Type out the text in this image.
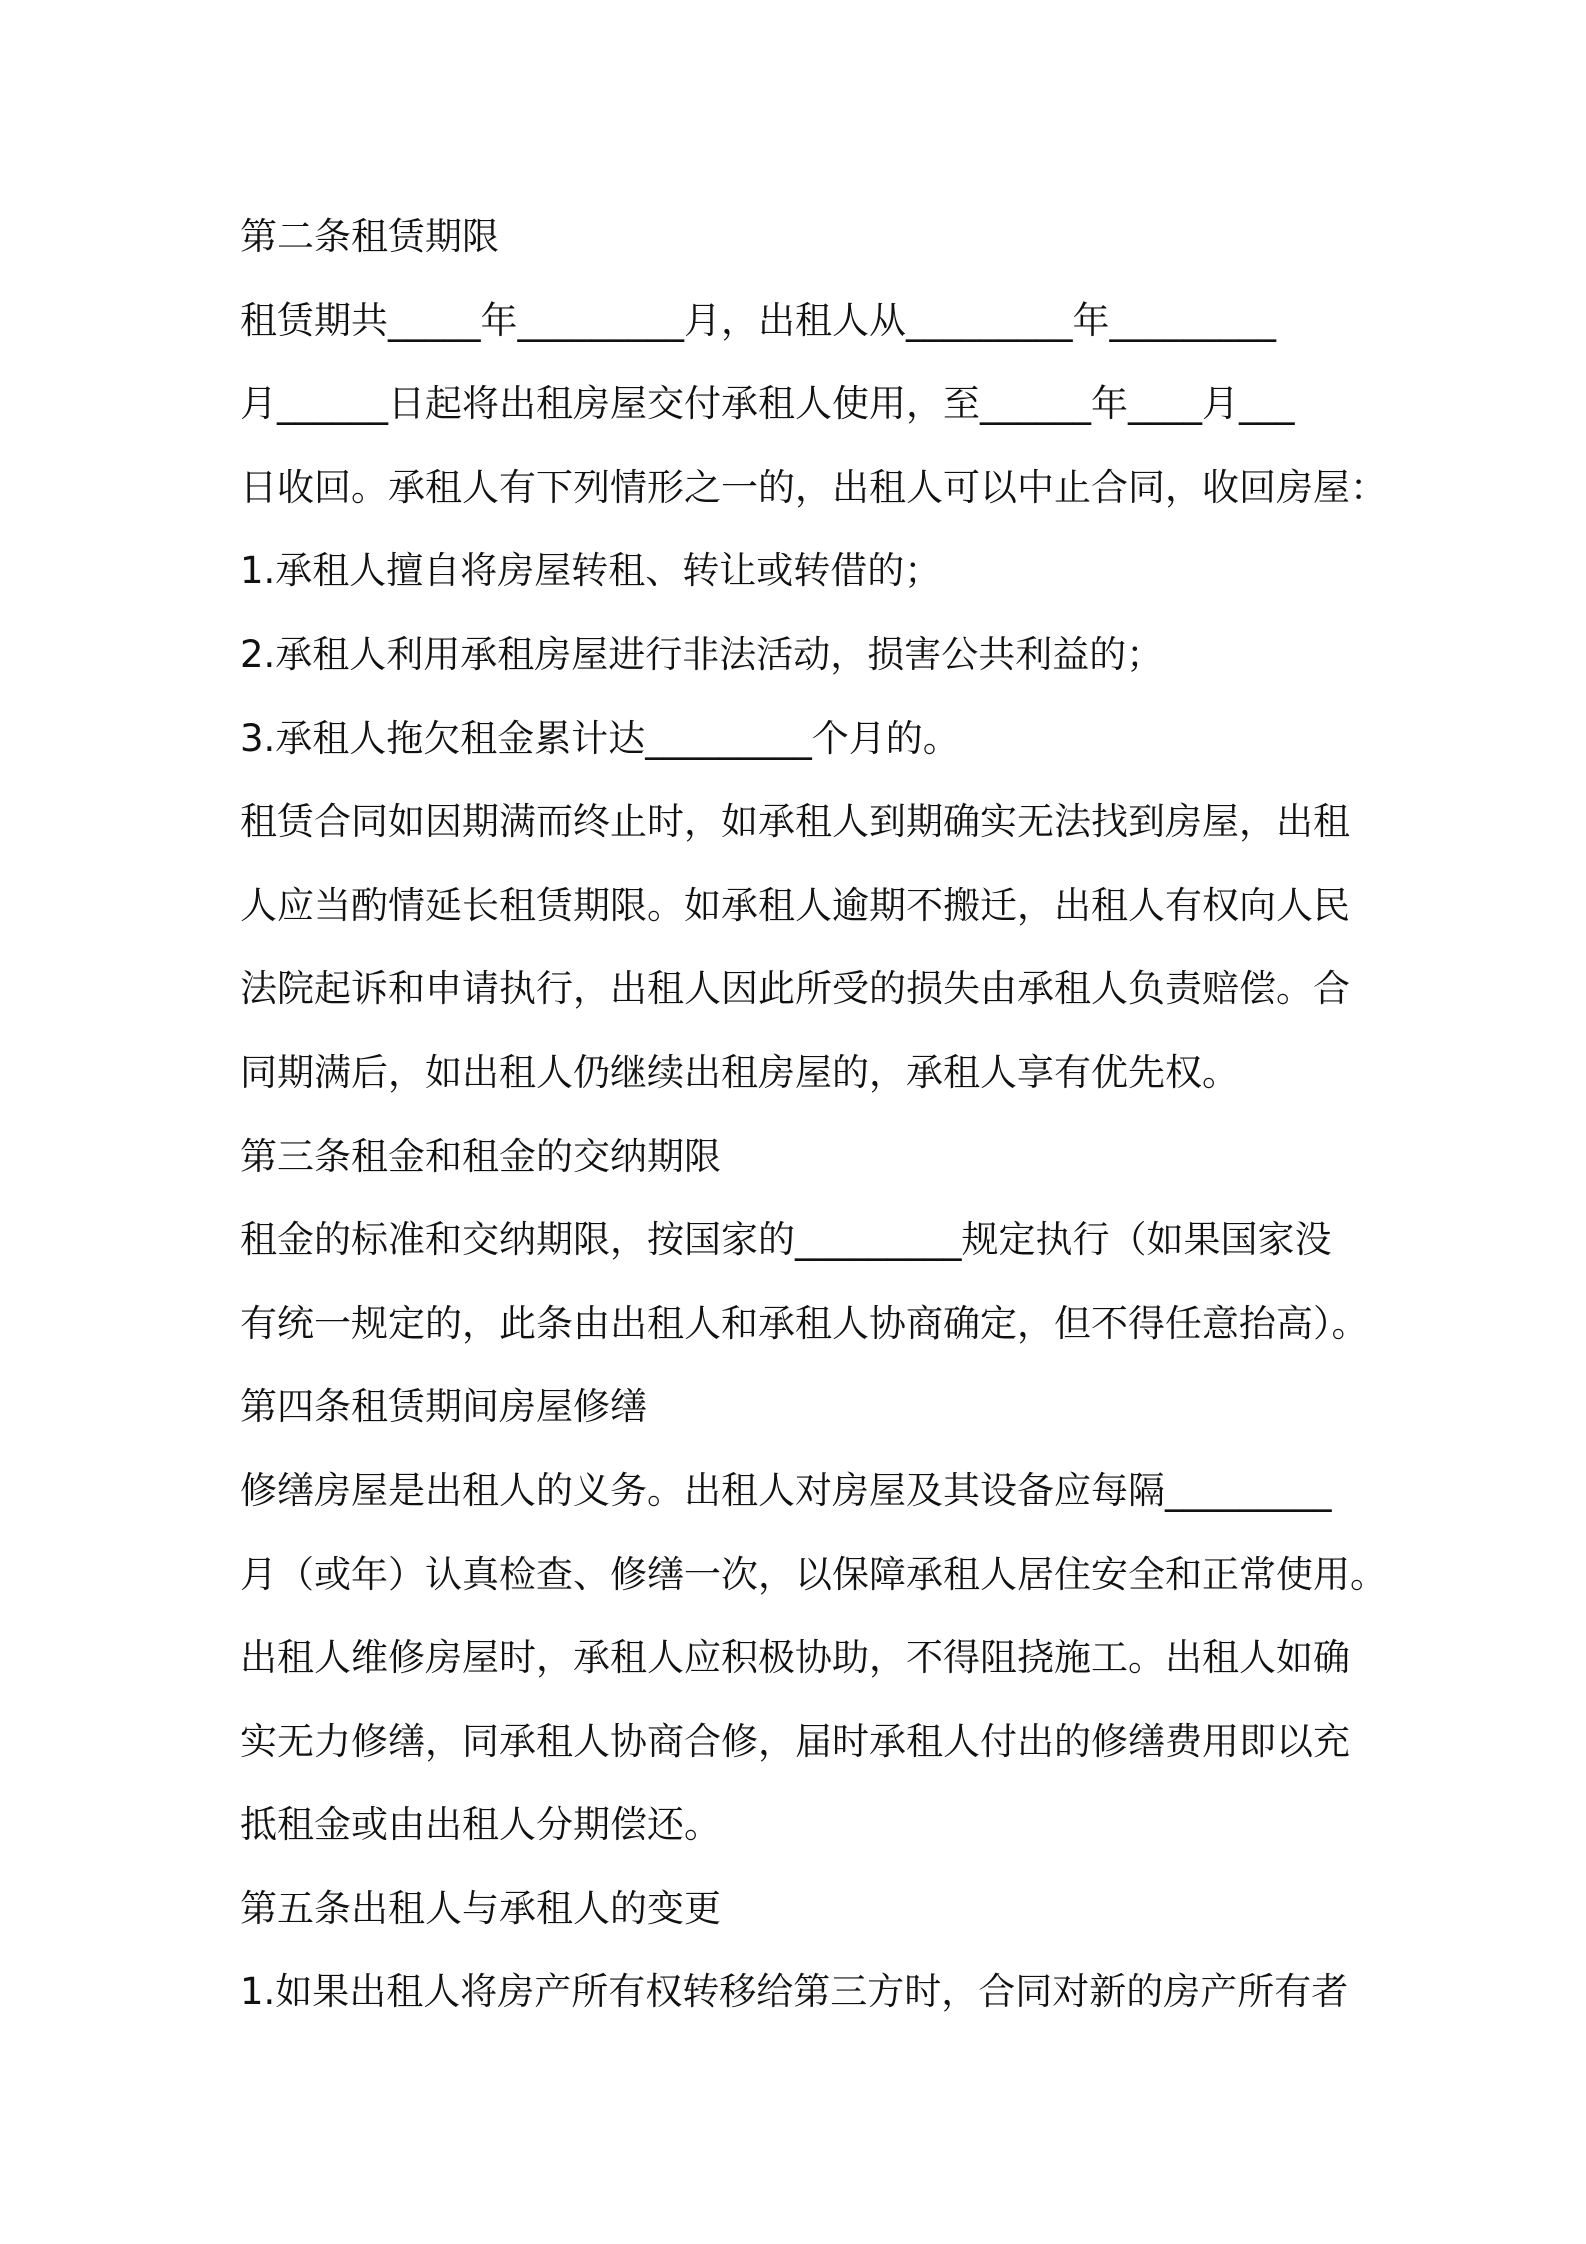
第二条租赁期限
租赁期共_____年_________月，出租人从_________年_________
月______日起将出租房屋交付承租人使用，至______年____月___
日收回。承租人有下列情形之一的，出租人可以中止合同，收回房屋：
1.承租人擅自将房屋转租、转让或转借的；
2.承租人利用承租房屋进行非法活动，损害公共利益的；
3.承租人拖欠租金累计达_________个月的。
租赁合同如因期满而终止时，如承租人到期确实无法找到房屋，出租
人应当酌情延长租赁期限。如承租人逾期不搬迁，出租人有权向人民
法院起诉和申请执行，出租人因此所受的损失由承租人负责赔偿。合
同期满后，如出租人仍继续出租房屋的，承租人享有优先权。
第三条租金和租金的交纳期限
租金的标准和交纳期限，按国家的_________规定执行（如果国家没
有统一规定的，此条由出租人和承租人协商确定，但不得任意抬高）。
第四条租赁期间房屋修缮
修缮房屋是出租人的义务。出租人对房屋及其设备应每隔_________
月（或年）认真检查、修缮一次，以保障承租人居住安全和正常使用。
出租人维修房屋时，承租人应积极协助，不得阻挠施工。出租人如确
实无力修缮，同承租人协商合修，届时承租人付出的修缮费用即以充
抵租金或由出租人分期偿还。
第五条出租人与承租人的变更
1.如果出租人将房产所有权转移给第三方时，合同对新的房产所有者
